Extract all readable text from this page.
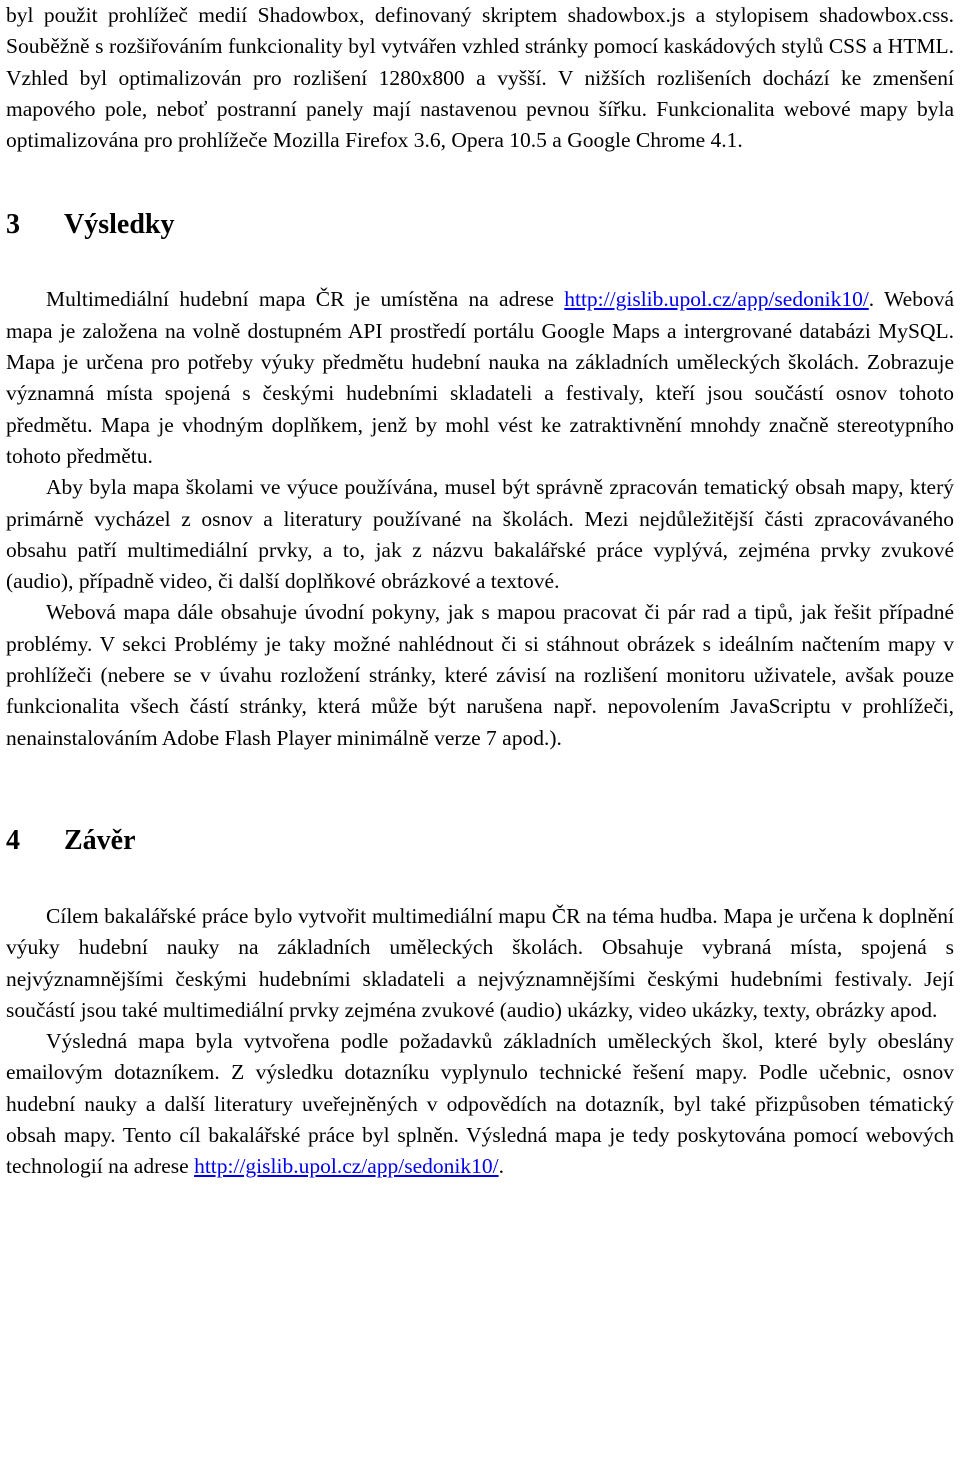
byl použit prohlížeč medií Shadowbox, definovaný skriptem shadowbox.js a stylopisem shadowbox.css. Souběžně s rozšiřováním funkcionality byl vytvářen vzhled stránky pomocí kaskádových stylů CSS a HTML. Vzhled byl optimalizován pro rozlišení 1280x800 a vyšší. V nižších rozlišeních dochází ke zmenšení mapového pole, neboť postranní panely mají nastavenou pevnou šířku. Funkcionalita webové mapy byla optimalizována pro prohlížeče Mozilla Firefox 3.6, Opera 10.5 a Google Chrome 4.1.

3 Výsledky

Multimediální hudební mapa ČR je umístěna na adrese http://gislib.upol.cz/app/sedonik10/. Webová mapa je založena na volně dostupném API prostředí portálu Google Maps a intergrované databázi MySQL. Mapa je určena pro potřeby výuky předmětu hudební nauka na základních uměleckých školách. Zobrazuje významná místa spojená s českými hudebními skladateli a festivaly, kteří jsou součástí osnov tohoto předmětu. Mapa je vhodným doplňkem, jenž by mohl vést ke zatraktivnění mnohdy značně stereotypního tohoto předmětu.

Aby byla mapa školami ve výuce používána, musel být správně zpracován tematický obsah mapy, který primárně vycházel z osnov a literatury používané na školách. Mezi nejdůležitější části zpracovávaného obsahu patří multimediální prvky, a to, jak z názvu bakalářské práce vyplývá, zejména prvky zvukové (audio), případně video, či další doplňkové obrázkové a textové.

Webová mapa dále obsahuje úvodní pokyny, jak s mapou pracovat či pár rad a tipů, jak řešit případné problémy. V sekci Problémy je taky možné nahlédnout či si stáhnout obrázek s ideálním načtením mapy v prohlížeči (nebere se v úvahu rozložení stránky, které závisí na rozlišení monitoru uživatele, avšak pouze funkcionalita všech částí stránky, která může být narušena např. nepovolením JavaScriptu v prohlížeči, nenainstalováním Adobe Flash Player minimálně verze 7 apod.).

4 Závěr

Cílem bakalářské práce bylo vytvořit multimediální mapu ČR na téma hudba. Mapa je určena k doplnění výuky hudební nauky na základních uměleckých školách. Obsahuje vybraná místa, spojená s nejvýznamnějšími českými hudebními skladateli a nejvýznamnějšími českými hudebními festivaly. Její součástí jsou také multimediální prvky zejména zvukové (audio) ukázky, video ukázky, texty, obrázky apod.

Výsledná mapa byla vytvořena podle požadavků základních uměleckých škol, které byly obeslány emailovým dotazníkem. Z výsledku dotazníku vyplynulo technické řešení mapy. Podle učebnic, osnov hudební nauky a další literatury uveřejněných v odpovědích na dotazník, byl také přizpůsoben tématický obsah mapy. Tento cíl bakalářské práce byl splněn. Výsledná mapa je tedy poskytována pomocí webových technologií na adrese http://gislib.upol.cz/app/sedonik10/.
